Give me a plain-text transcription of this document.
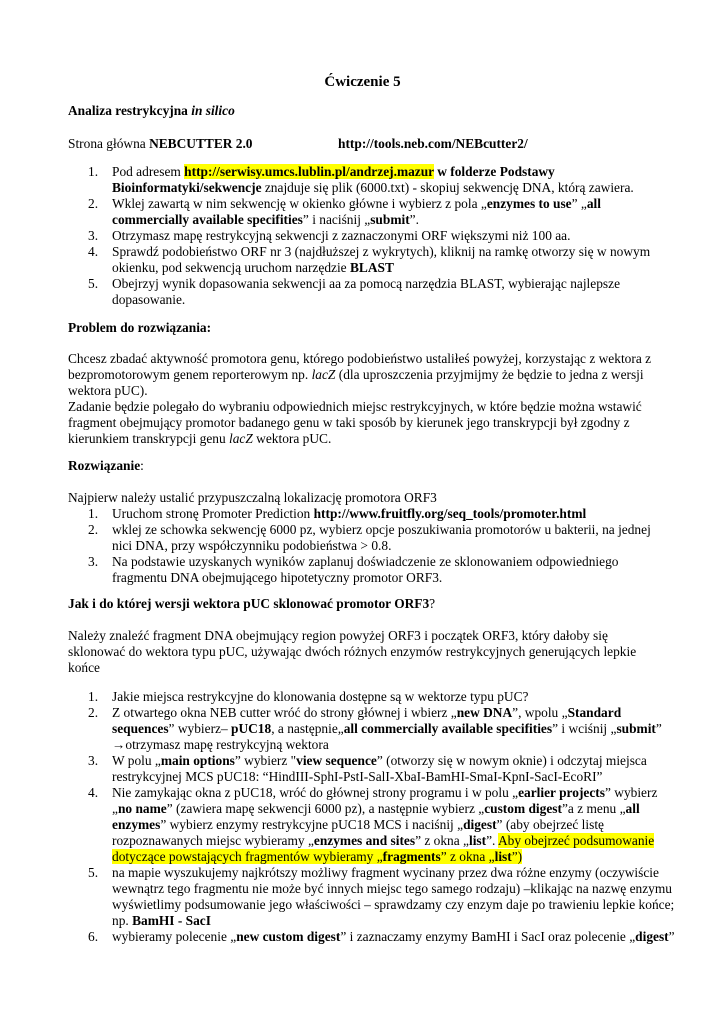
Ćwiczenie 5
Analiza restrykcyjna in silico
Strona główna NEBCUTTER 2.0	http://tools.neb.com/NEBcutter2/
1. Pod adresem http://serwisy.umcs.lublin.pl/andrzej.mazur w folderze Podstawy Bioinformatyki/sekwencje znajduje się plik (6000.txt) - skopiuj sekwencję DNA, którą zawiera.
2. Wklej zawartą w nim sekwencję w okienko główne i wybierz z pola „enzymes to use” „all commercially available specifities” i naciśnij „submit”.
3. Otrzymasz mapę restrykcyjną sekwencji z zaznaczonymi ORF większymi niż 100 aa.
4. Sprawdź podobieństwo ORF nr 3 (najdłuższej z wykrytych), kliknij na ramkę otworzy się w nowym okienku, pod sekwencją uruchom narzędzie BLAST
5. Obejrzyj wynik dopasowania sekwencji aa za pomocą narzędzia BLAST, wybierając najlepsze dopasowanie.
Problem do rozwiązania:
Chcesz zbadać aktywność promotora genu, którego podobieństwo ustaliłeś powyżej, korzystając z wektora z bezpromotorowym genem reporterowym np. lacZ (dla uproszczenia przyjmijmy że będzie to jedna z wersji wektora pUC).
Zadanie będzie polegało do wybraniu odpowiednich miejsc restrykcyjnych, w które będzie można wstawić fragment obejmujący promotor badanego genu w taki sposób by kierunek jego transkrypcji był zgodny z kierunkiem transkrypcji genu lacZ wektora pUC.
Rozwiązanie:
Najpierw należy ustalić przypuszczalną lokalizację promotora ORF3
1. Uruchom stronę Promoter Prediction http://www.fruitfly.org/seq_tools/promoter.html
2. wklej ze schowka sekwencję 6000 pz, wybierz opcje poszukiwania promotorów u bakterii, na jednej nici DNA, przy współczynniku podobieństwa > 0.8.
3. Na podstawie uzyskanych wyników zaplanuj doświadczenie ze sklonowaniem odpowiedniego fragmentu DNA obejmującego hipotetyczny promotor ORF3.
Jak i do której wersji wektora pUC sklonować promotor ORF3?
Należy znaleźć fragment DNA obejmujący region powyżej ORF3 i początek ORF3, który dałoby się sklonować do wektora typu pUC, używając dwóch różnych enzymów restrykcyjnych generujących lepkie końce
1. Jakie miejsca restrykcyjne do klonowania dostępne są w wektorze typu pUC?
2. Z otwartego okna NEB cutter wróć do strony głównej i wbierz „new DNA”, wpolu „Standard sequences” wybierz– pUC18, a następnie„all commercially available specifities” i wciśnij „submit” →otrzymasz mapę restrykcyjną wektora
3. W polu „main options” wybierz "view sequence” (otworzy się w nowym oknie) i odczytaj miejsca restrykcyjnej MCS pUC18: “HindIII-SphI-PstI-SalI-XbaI-BamHI-SmaI-KpnI-SacI-EcoRI”
4. Nie zamykając okna z pUC18, wróć do głównej strony programu i w polu „earlier projects” wybierz „no name” (zawiera mapę sekwencji 6000 pz), a następnie wybierz „custom digest”a z menu „all enzymes” wybierz enzymy restrykcyjne pUC18 MCS i naciśnij „digest” (aby obejrzeć listę rozpoznawanych miejsc wybieramy „enzymes and sites” z okna „list”. Aby obejrzeć podsumowanie dotyczące powstających fragmentów wybieramy „fragments” z okna „list”)
5. na mapie wyszukujemy najkrótszy możliwy fragment wycinany przez dwa różne enzymy (oczywiście wewnątrz tego fragmentu nie może być innych miejsc tego samego rodzaju) –klikając na nazwę enzymu wyświetlimy podsumowanie jego właściwości – sprawdzamy czy enzym daje po trawieniu lepkie końce; np. BamHI - SacI
6. wybieramy polecenie „new custom digest” i zaznaczamy enzymy BamHI i SacI oraz polecenie „digest”
